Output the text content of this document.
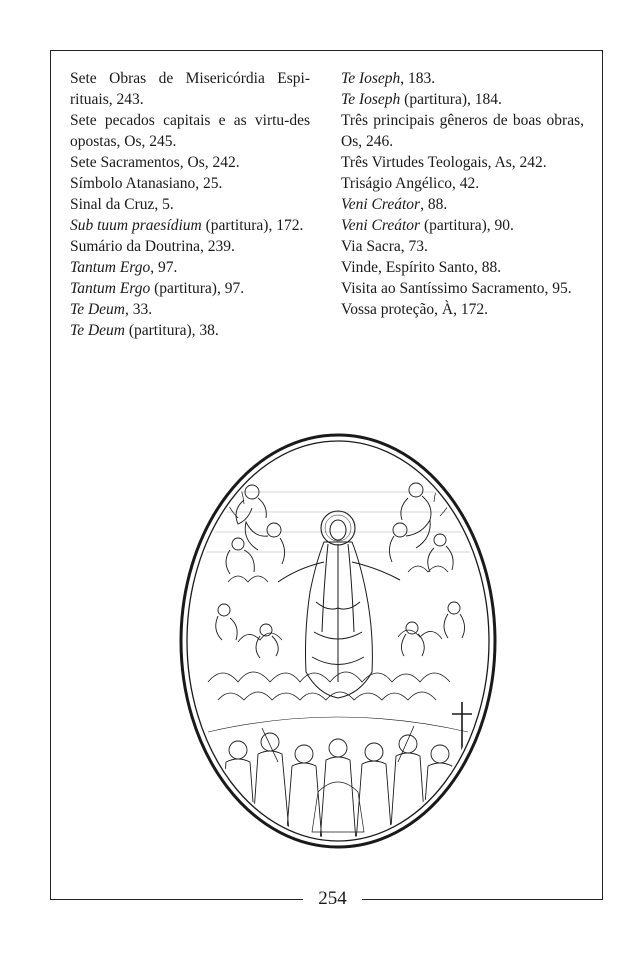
Sete Obras de Misericórdia Espi-rituais, 243.
Sete pecados capitais e as virtu-des opostas, Os, 245.
Sete Sacramentos, Os, 242.
Símbolo Atanasiano, 25.
Sinal da Cruz, 5.
Sub tuum praesídium (partitura), 172.
Sumário da Doutrina, 239.
Tantum Ergo, 97.
Tantum Ergo (partitura), 97.
Te Deum, 33.
Te Deum (partitura), 38.
Te Ioseph, 183.
Te Ioseph (partitura), 184.
Três principais gêneros de boas obras, Os, 246.
Três Virtudes Teologais, As, 242.
Triságio Angélico, 42.
Veni Creátor, 88.
Veni Creátor (partitura), 90.
Via Sacra, 73.
Vinde, Espírito Santo, 88.
Visita ao Santíssimo Sacramento, 95.
Vossa proteção, À, 172.
254
